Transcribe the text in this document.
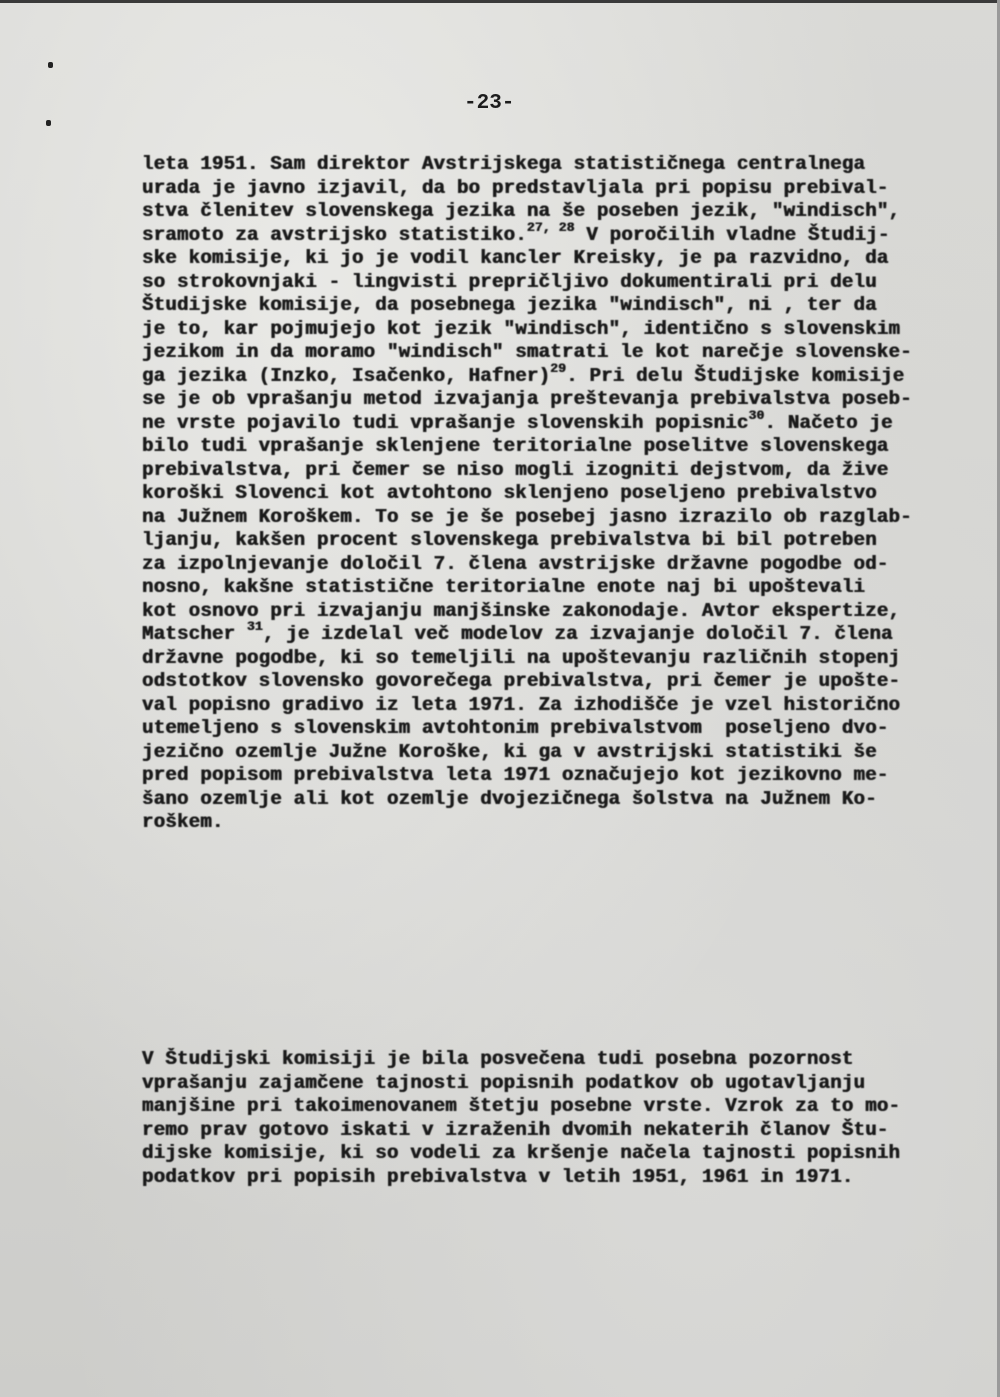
-23-
leta 1951. Sam direktor Avstrijskega statističnega centralnega
urada je javno izjavil, da bo predstavljala pri popisu prebival-
stva členitev slovenskega jezika na še poseben jezik, "windisch",
sramoto za avstrijsko statistiko.$^{27, 28}$ V poročilih vladne Študij-
ske komisije, ki jo je vodil kancler Kreisky, je pa razvidno, da
so strokovnjaki - lingvisti prepričljivo dokumentirali pri delu
Študijske komisije, da posebnega jezika "windisch", ni , ter da
je to, kar pojmujejo kot jezik "windisch", identično s slovenskim
jezikom in da moramo "windisch" smatrati le kot narečje slovenske-
ga jezika (Inzko, Isačenko, Hafner)$^{29}$. Pri delu Študijske komisije
se je ob vprašanju metod izvajanja preštevanja prebivalstva poseb-
ne vrste pojavilo tudi vprašanje slovenskih popisnic$^{30}$. Načeto je
bilo tudi vprašanje sklenjene teritorialne poselitve slovenskega
prebivalstva, pri čemer se niso mogli izogniti dejstvom, da žive
koroški Slovenci kot avtohtono sklenjeno poseljeno prebivalstvo
na Južnem Koroškem. To se je še posebej jasno izrazilo ob razglab-
ljanju, kakšen procent slovenskega prebivalstva bi bil potreben
za izpolnjevanje določil 7. člena avstrijske državne pogodbe od-
nosno, kakšne statistične teritorialne enote naj bi upoštevali
kot osnovo pri izvajanju manjšinske zakonodaje. Avtor ekspertize,
Matscher $^{31}$, je izdelal več modelov za izvajanje določil 7. člena
državne pogodbe, ki so temeljili na upoštevanju različnih stopenj
odstotkov slovensko govorečega prebivalstva, pri čemer je upošte-
val popisno gradivo iz leta 1971. Za izhodišče je vzel historično
utemeljeno s slovenskim avtohtonim prebivalstvom  poseljeno dvo-
jezično ozemlje Južne Koroške, ki ga v avstrijski statistiki še
pred popisom prebivalstva leta 1971 označujejo kot jezikovno me-
šano ozemlje ali kot ozemlje dvojezičnega šolstva na Južnem Ko-
roškem.
V Študijski komisiji je bila posvečena tudi posebna pozornost
vprašanju zajamčene tajnosti popisnih podatkov ob ugotavljanju
manjšine pri takoimenovanem štetju posebne vrste. Vzrok za to mo-
remo prav gotovo iskati v izraženih dvomih nekaterih članov Štu-
dijske komisije, ki so vodeli za kršenje načela tajnosti popisnih
podatkov pri popisih prebivalstva v letih 1951, 1961 in 1971.
